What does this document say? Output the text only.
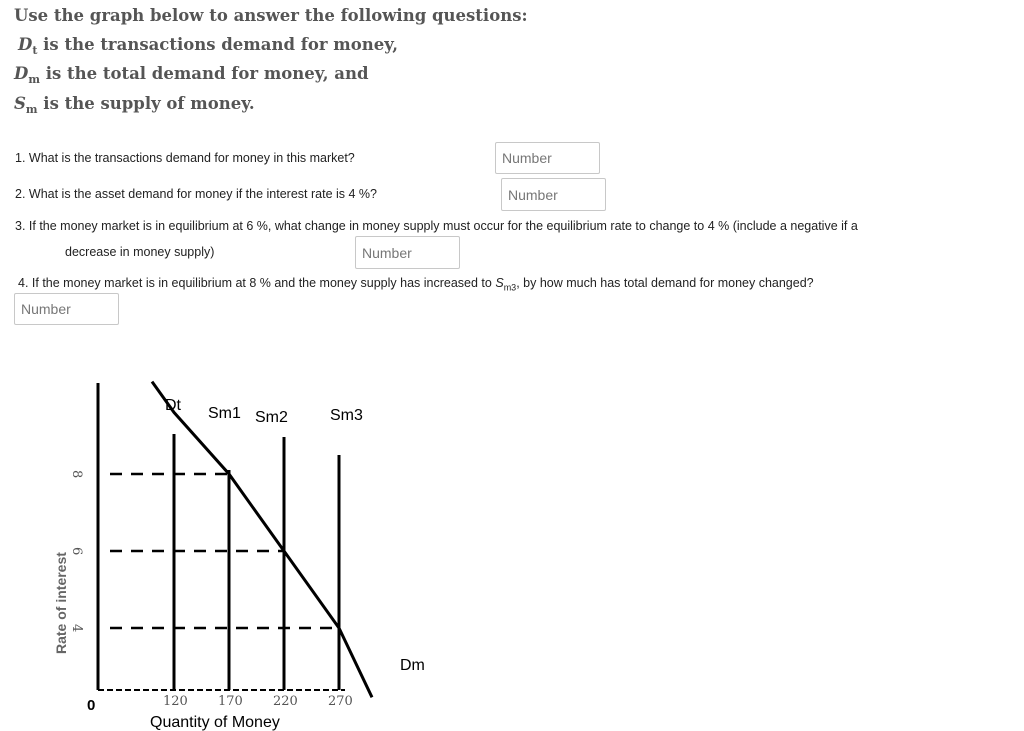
Use the graph below to answer the following questions:
$D_t$ is the transactions demand for money,
$D_m$ is the total demand for money, and
$S_m$ is the supply of money.
1. What is the transactions demand for money in this market?
Number
2. What is the asset demand for money if the interest rate is 4 %?
Number
3. If the money market is in equilibrium at 6 %, what change in money supply must occur for the equilibrium rate to change to 4 % (include a negative if a
decrease in money supply)
Number
4. If the money market is in equilibrium at 8 % and the money supply has increased to $S_{m3}$, by how much has total demand for money changed?
Number
Dt Sm1 Sm2	Sm3
Dm
8
6
4
120 170 220 270
0
Quantity of Money
Rate of interest
